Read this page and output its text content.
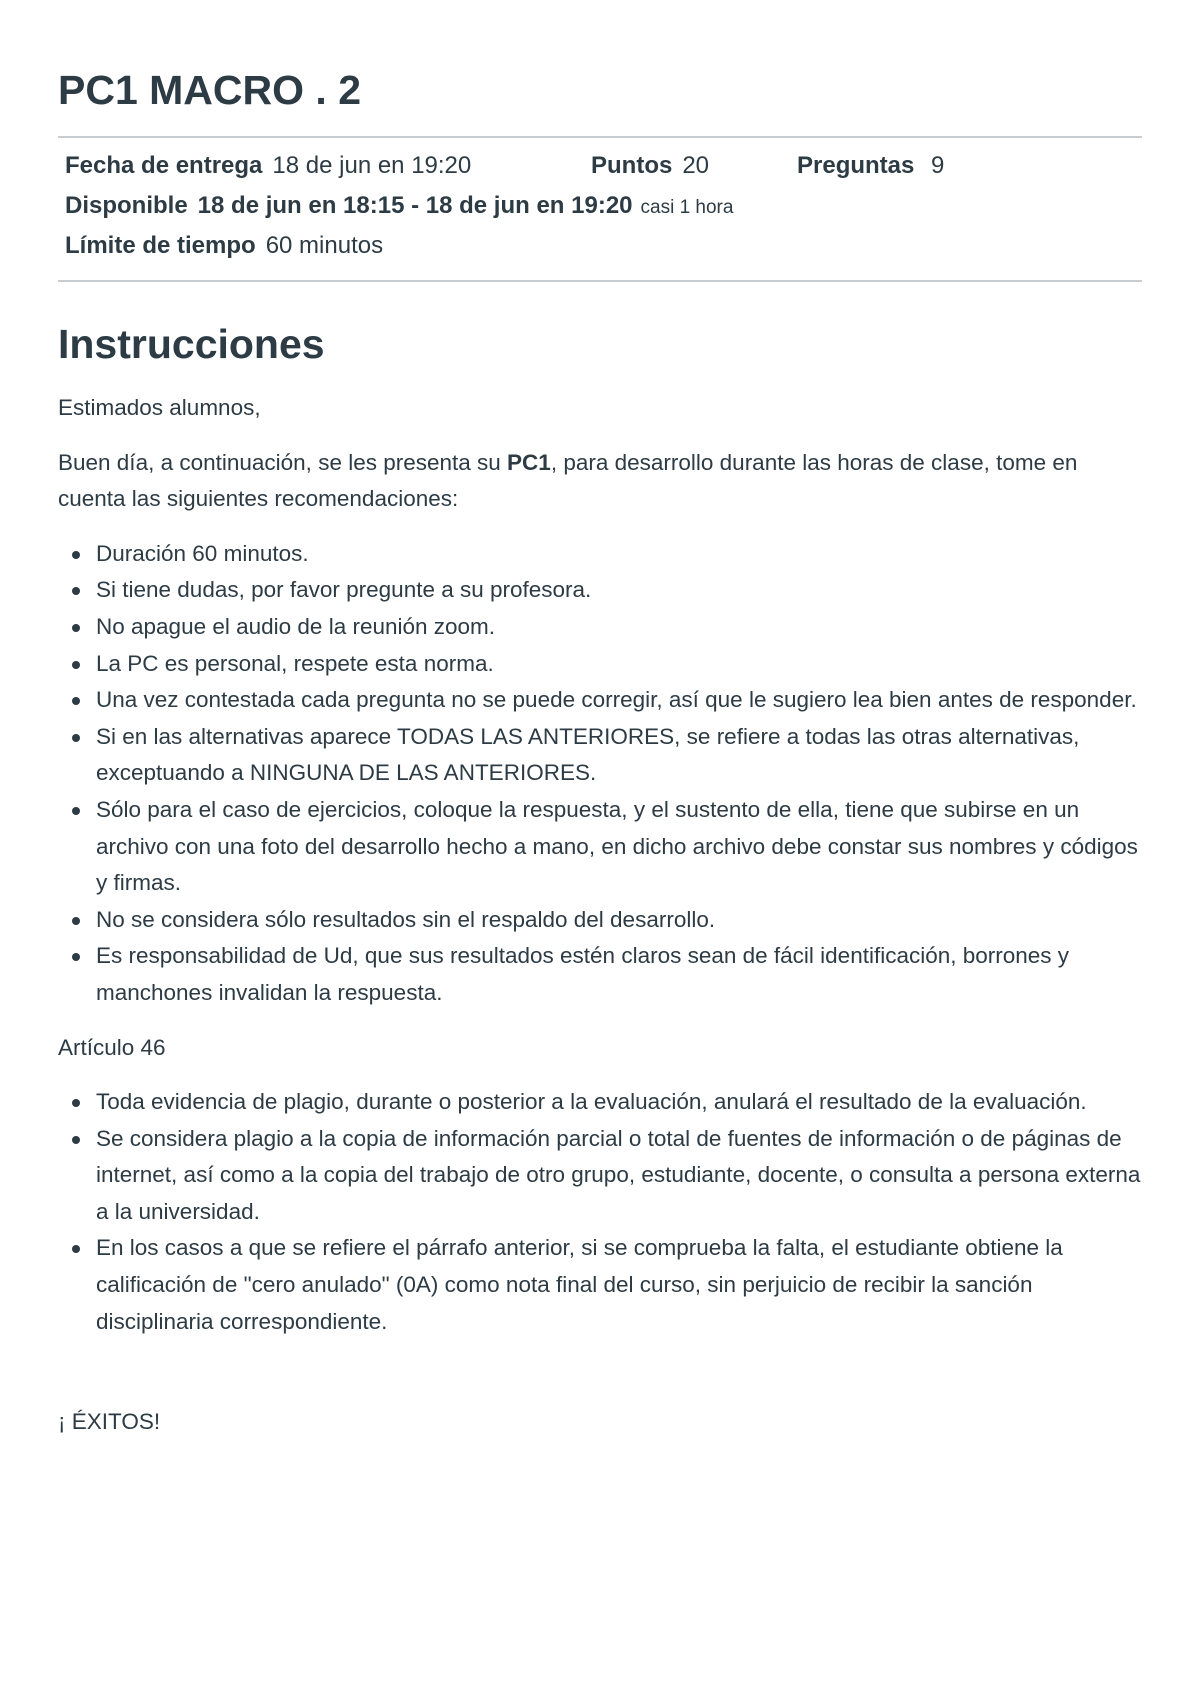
PC1 MACRO . 2
Fecha de entrega 18 de jun en 19:20	Puntos 20	Preguntas 9
Disponible 18 de jun en 18:15 - 18 de jun en 19:20 casi 1 hora
Límite de tiempo 60 minutos
Instrucciones

Estimados alumnos,

Buen día, a continuación, se les presenta su PC1, para desarrollo durante las horas de clase, tome en cuenta las siguientes recomendaciones:

Duración 60 minutos.
Si tiene dudas, por favor pregunte a su profesora.
No apague el audio de la reunión zoom.
La PC es personal, respete esta norma.
Una vez contestada cada pregunta no se puede corregir, así que le sugiero lea bien antes de responder.
Si en las alternativas aparece TODAS LAS ANTERIORES, se refiere a todas las otras alternativas, exceptuando a NINGUNA DE LAS ANTERIORES.
Sólo para el caso de ejercicios, coloque la respuesta, y el sustento de ella, tiene que subirse en un archivo con una foto del desarrollo hecho a mano, en dicho archivo debe constar sus nombres y códigos y firmas.
No se considera sólo resultados sin el respaldo del desarrollo.
Es responsabilidad de Ud, que sus resultados estén claros sean de fácil identificación, borrones y manchones invalidan la respuesta.

Artículo 46

Toda evidencia de plagio, durante o posterior a la evaluación, anulará el resultado de la evaluación.
Se considera plagio a la copia de información parcial o total de fuentes de información o de páginas de internet, así como a la copia del trabajo de otro grupo, estudiante, docente, o consulta a persona externa a la universidad.
En los casos a que se refiere el párrafo anterior, si se comprueba la falta, el estudiante obtiene la calificación de "cero anulado" (0A) como nota final del curso, sin perjuicio de recibir la sanción disciplinaria correspondiente.

¡ ÉXITOS!
